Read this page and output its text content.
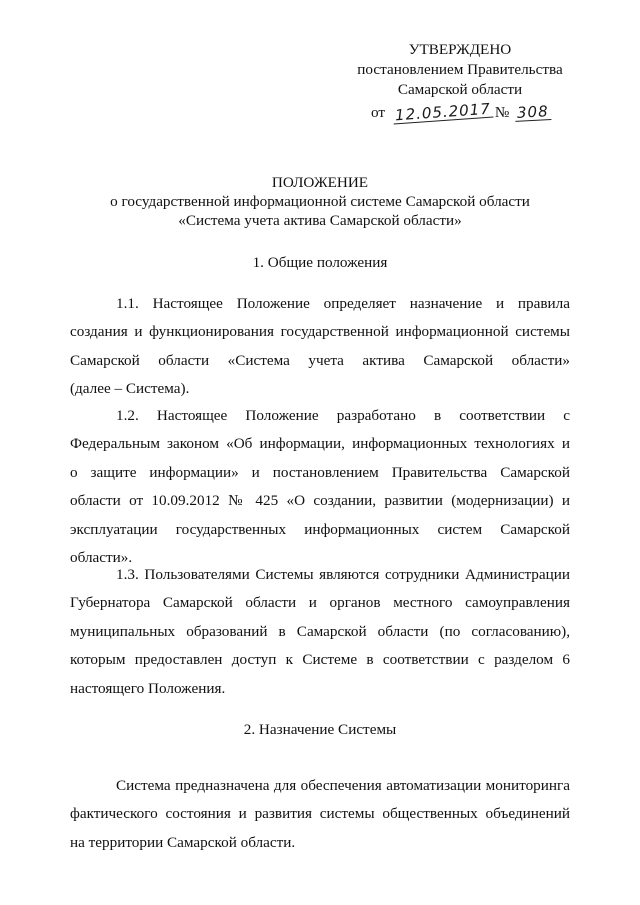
УТВЕРЖДЕНО
постановлением Правительства
Самарской области
от 12.05.2017 № 308
ПОЛОЖЕНИЕ
о государственной информационной системе Самарской области
«Система учета актива Самарской области»
1. Общие положения
1.1. Настоящее Положение определяет назначение и правила
создания и функционирования государственной информационной системы
Самарской области «Система учета актива Самарской области»
(далее – Система).
1.2. Настоящее Положение разработано в соответствии с
Федеральным законом «Об информации, информационных технологиях и
о защите информации» и постановлением Правительства Самарской
области от 10.09.2012 № 425 «О создании, развитии (модернизации) и
эксплуатации государственных информационных систем Самарской
области».
1.3. Пользователями Системы являются сотрудники Администрации
Губернатора Самарской области и органов местного самоуправления
муниципальных образований в Самарской области (по согласованию),
которым предоставлен доступ к Системе в соответствии с разделом 6
настоящего Положения.
2. Назначение Системы
Система предназначена для обеспечения автоматизации мониторинга
фактического состояния и развития системы общественных объединений
на территории Самарской области.
